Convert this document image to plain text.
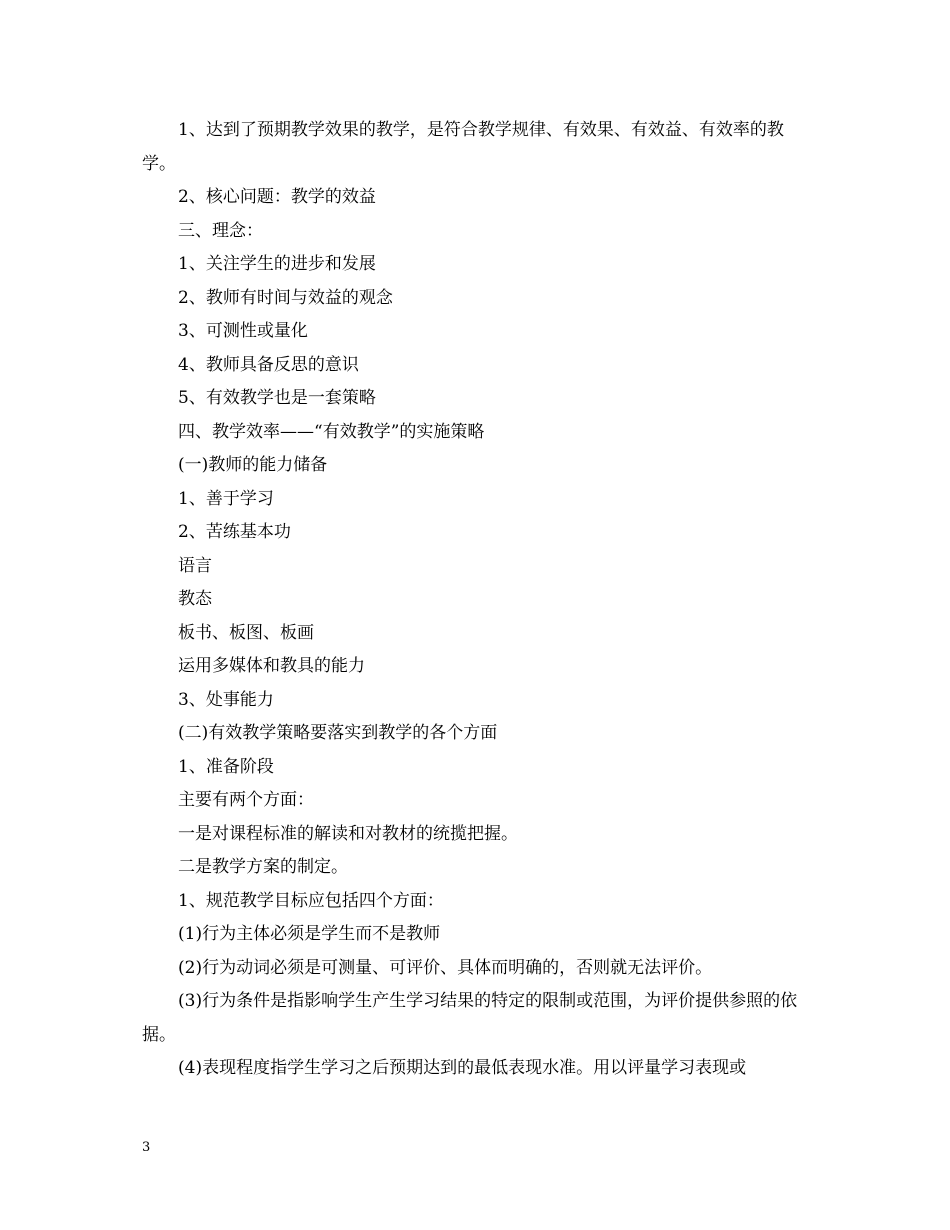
1、达到了预期教学效果的教学，是符合教学规律、有效果、有效益、有效率的教学。

2、核心问题：教学的效益

三、理念：

1、关注学生的进步和发展

2、教师有时间与效益的观念

3、可测性或量化

4、教师具备反思的意识

5、有效教学也是一套策略

四、教学效率——“有效教学”的实施策略

(一)教师的能力储备

1、善于学习

2、苦练基本功

语言

教态

板书、板图、板画

运用多媒体和教具的能力

3、处事能力

(二)有效教学策略要落实到教学的各个方面

1、准备阶段

主要有两个方面：

一是对课程标准的解读和对教材的统揽把握。

二是教学方案的制定。

1、规范教学目标应包括四个方面：

(1)行为主体必须是学生而不是教师

(2)行为动词必须是可测量、可评价、具体而明确的，否则就无法评价。

(3)行为条件是指影响学生产生学习结果的特定的限制或范围，为评价提供参照的依据。

(4)表现程度指学生学习之后预期达到的最低表现水准。用以评量学习表现或

3
